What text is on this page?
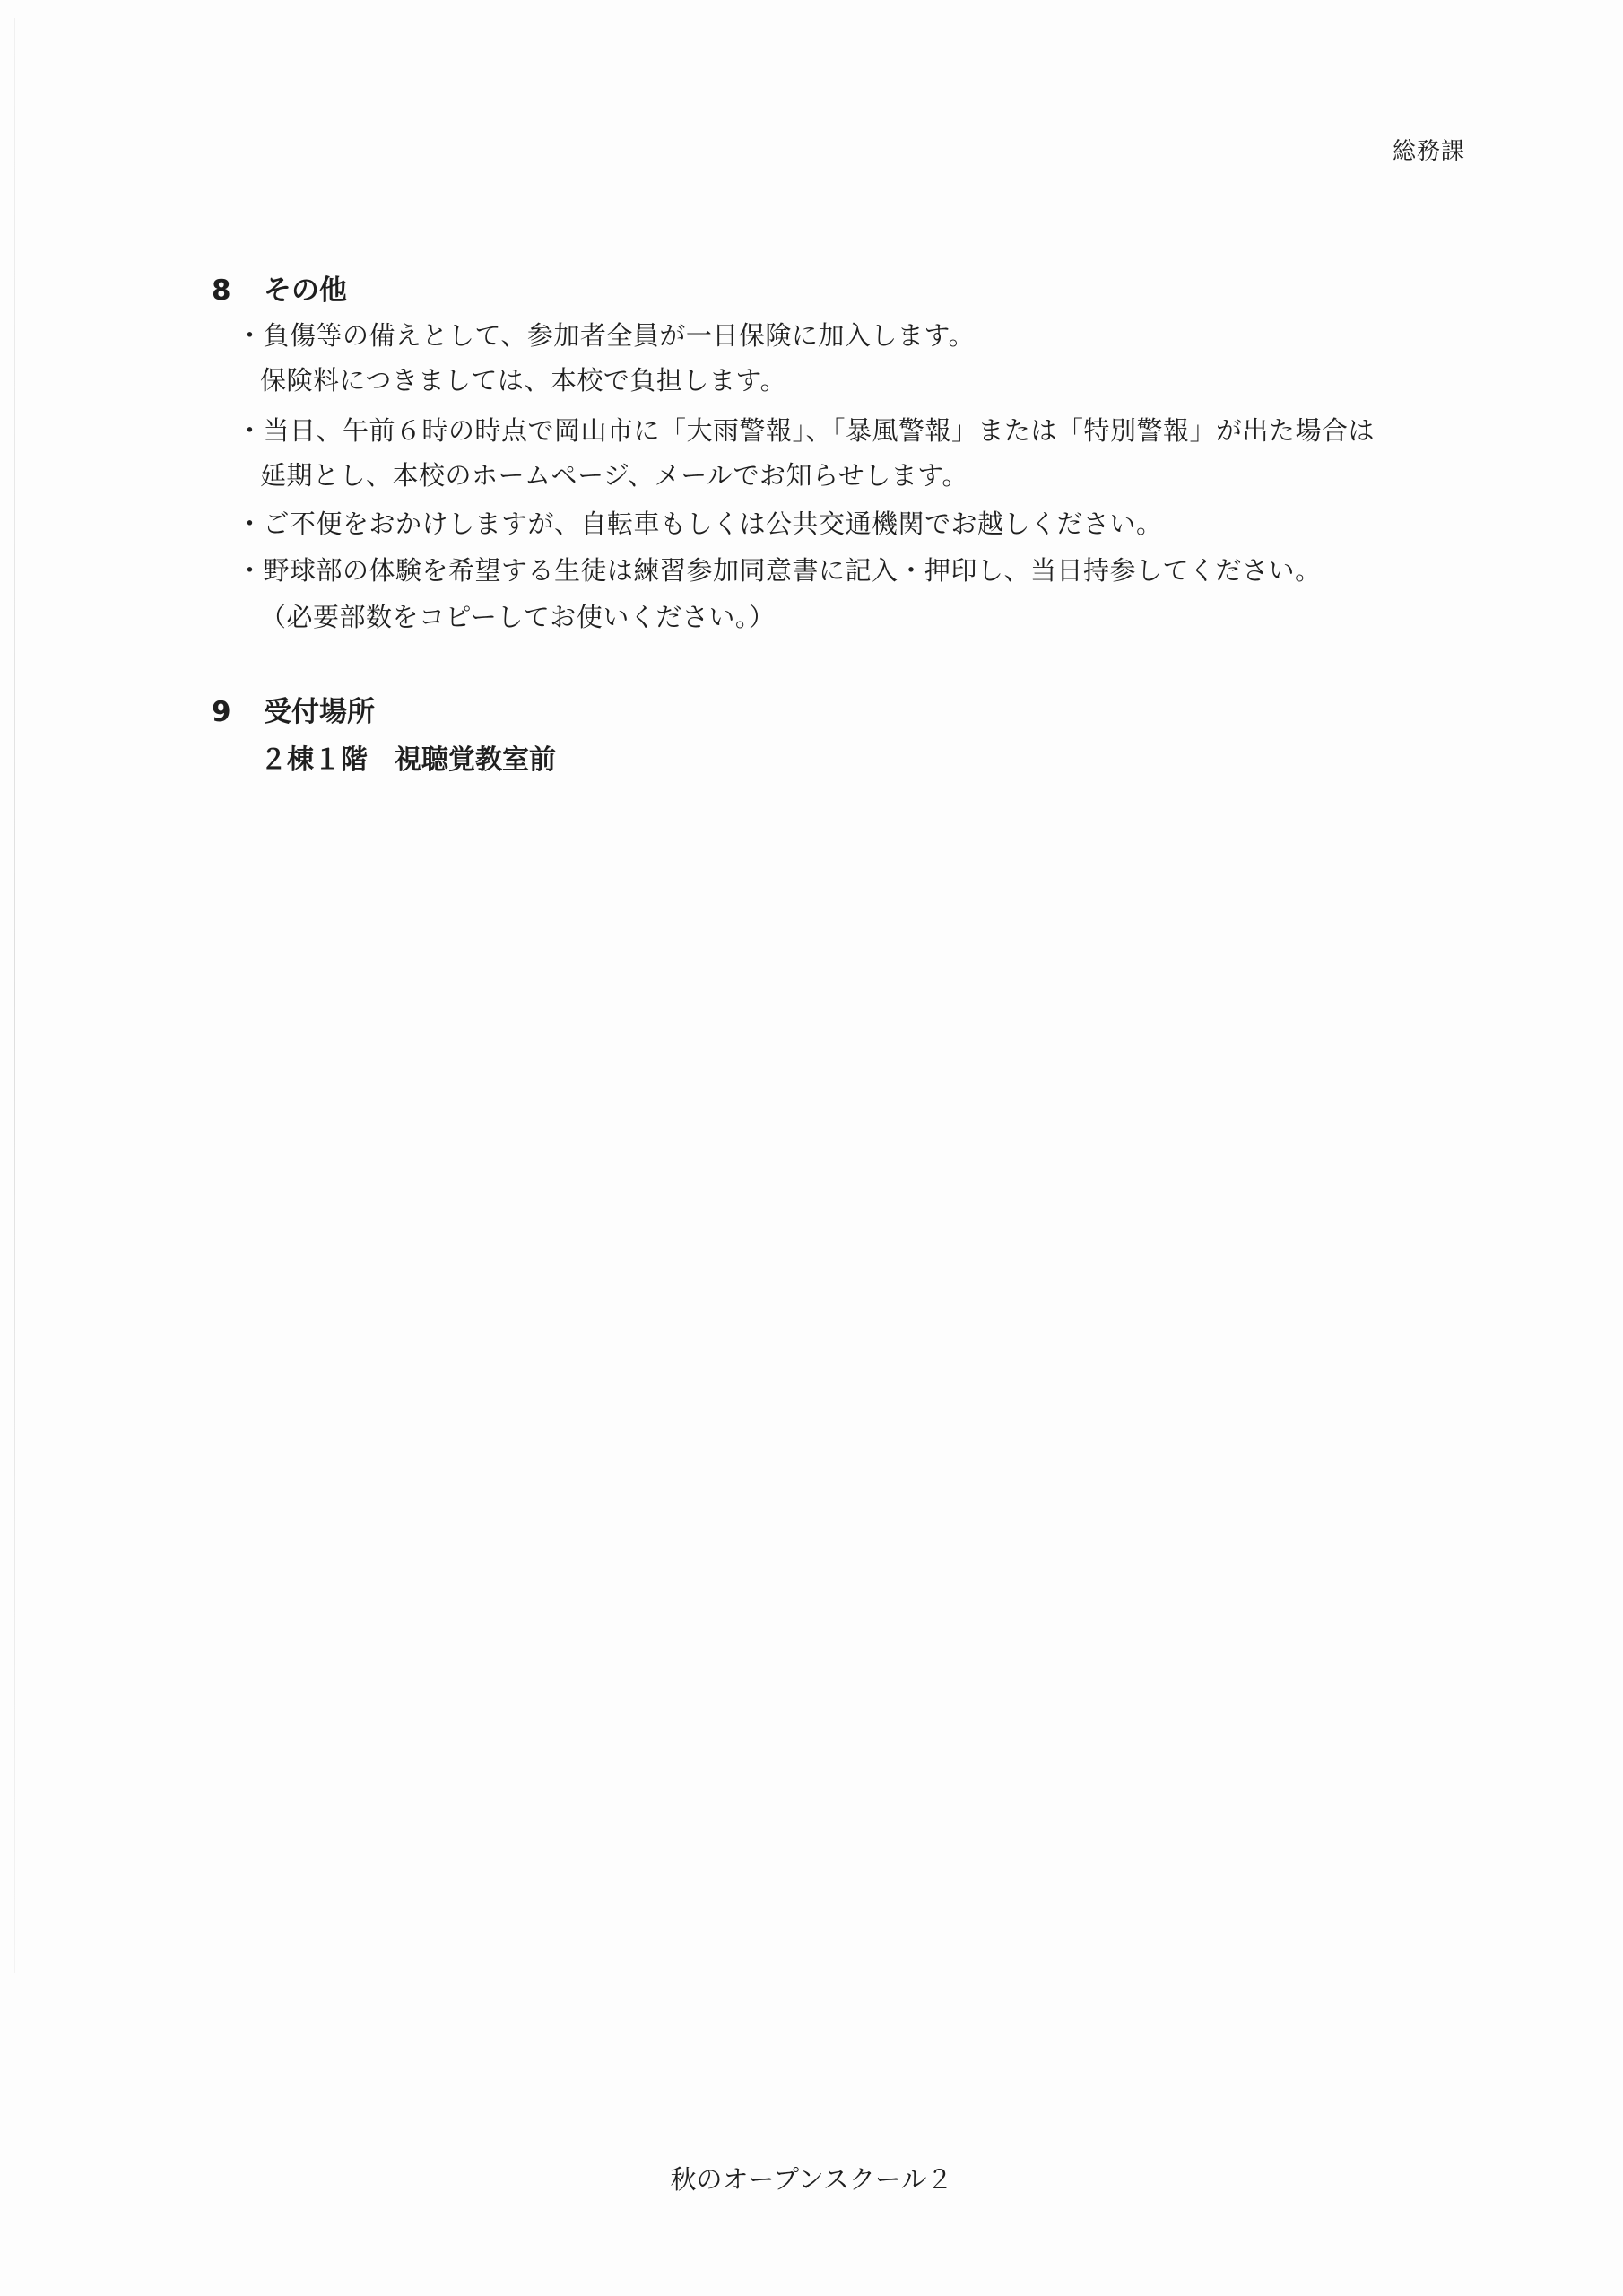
総務課
8 その他
・負傷等の備えとして、参加者全員が一日保険に加入します。
保険料につきましては、本校で負担します。
・当日、午前６時の時点で岡山市に「大雨警報」、「暴風警報」または「特別警報」が出た場合は
延期とし、本校のホームページ、メールでお知らせします。
・ご不便をおかけしますが、自転車もしくは公共交通機関でお越しください。
・野球部の体験を希望する生徒は練習参加同意書に記入・押印し、当日持参してください。
（必要部数をコピーしてお使いください。）
9 受付場所
２棟１階　視聴覚教室前
秋のオープンスクール２
